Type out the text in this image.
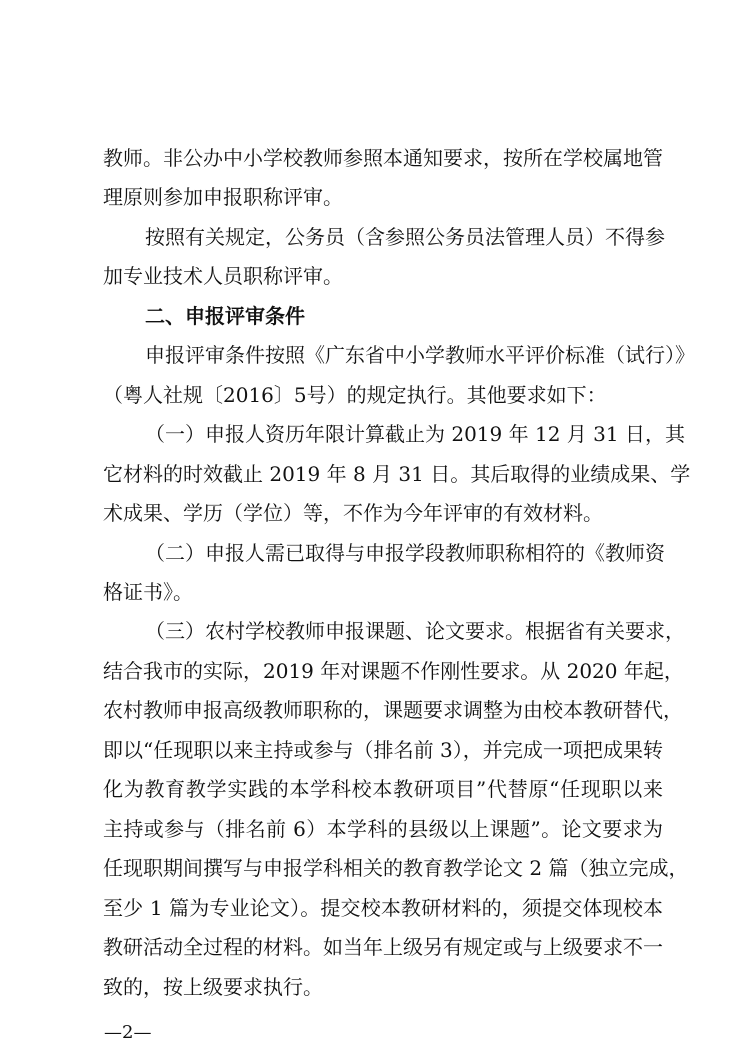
教师。非公办中小学校教师参照本通知要求，按所在学校属地管
理原则参加申报职称评审。
按照有关规定，公务员（含参照公务员法管理人员）不得参
加专业技术人员职称评审。
二、申报评审条件
申报评审条件按照《广东省中小学教师水平评价标准（试行）》
（粤人社规〔2016〕5号）的规定执行。其他要求如下：
（一）申报人资历年限计算截止为 2019 年 12 月 31 日，其
它材料的时效截止 2019 年 8 月 31 日。其后取得的业绩成果、学
术成果、学历（学位）等，不作为今年评审的有效材料。
（二）申报人需已取得与申报学段教师职称相符的《教师资
格证书》。
（三）农村学校教师申报课题、论文要求。根据省有关要求，
结合我市的实际，2019 年对课题不作刚性要求。从 2020 年起，
农村教师申报高级教师职称的，课题要求调整为由校本教研替代，
即以“任现职以来主持或参与（排名前 3），并完成一项把成果转
化为教育教学实践的本学科校本教研项目”代替原“任现职以来
主持或参与（排名前 6）本学科的县级以上课题”。论文要求为
任现职期间撰写与申报学科相关的教育教学论文 2 篇（独立完成，
至少 1 篇为专业论文）。提交校本教研材料的，须提交体现校本
教研活动全过程的材料。如当年上级另有规定或与上级要求不一
致的，按上级要求执行。
—2—
